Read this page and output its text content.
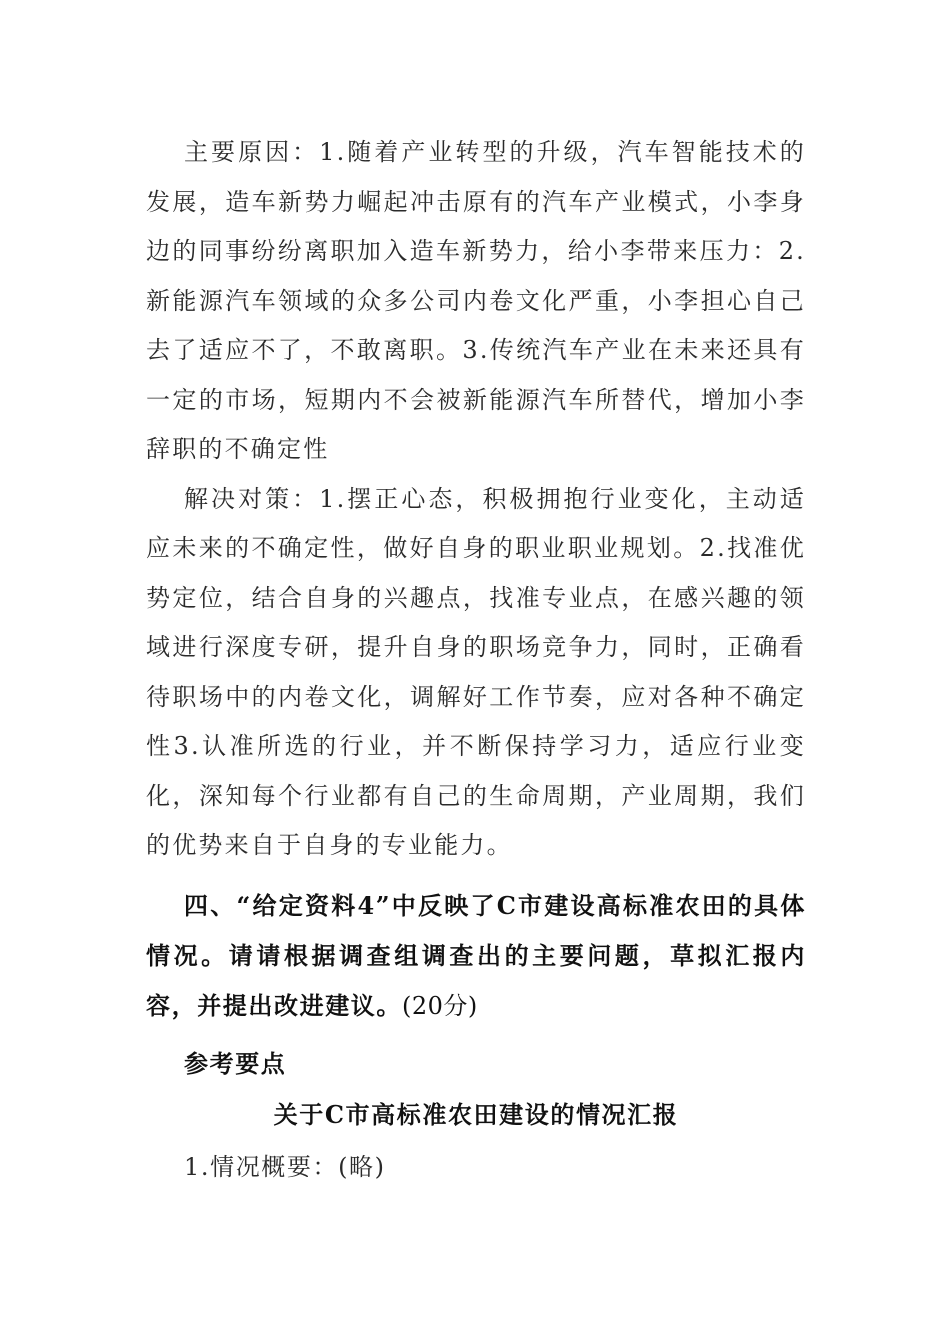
主要原因：1.随着产业转型的升级，汽车智能技术的发展，造车新势力崛起冲击原有的汽车产业模式，小李身边的同事纷纷离职加入造车新势力，给小李带来压力：2.新能源汽车领域的众多公司内卷文化严重，小李担心自己去了适应不了，不敢离职。3.传统汽车产业在未来还具有一定的市场，短期内不会被新能源汽车所替代，增加小李辞职的不确定性

解决对策：1.摆正心态，积极拥抱行业变化，主动适应未来的不确定性，做好自身的职业职业规划。2.找准优势定位，结合自身的兴趣点，找准专业点，在感兴趣的领域进行深度专研，提升自身的职场竞争力，同时，正确看待职场中的内卷文化，调解好工作节奏，应对各种不确定性3.认准所选的行业，并不断保持学习力，适应行业变化，深知每个行业都有自己的生命周期，产业周期，我们的优势来自于自身的专业能力。

四、“给定资料4”中反映了C市建设高标准农田的具体情况。请请根据调查组调查出的主要问题，草拟汇报内容，并提出改进建议。(20分)

参考要点

关于C市高标准农田建设的情况汇报

1.情况概要：(略)
